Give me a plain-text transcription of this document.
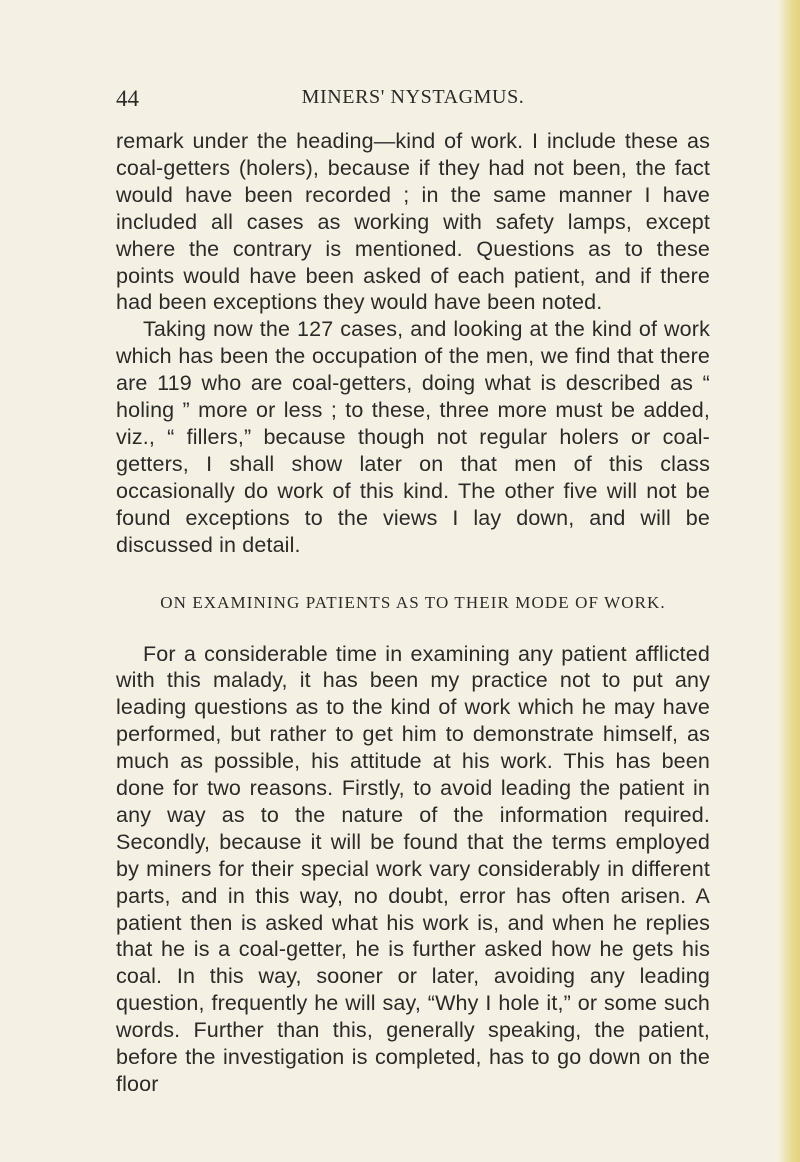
44	MINERS' NYSTAGMUS.

remark under the heading—kind of work. I include these as coal-getters (holers), because if they had not been, the fact would have been recorded ; in the same manner I have included all cases as working with safety lamps, except where the contrary is mentioned. Questions as to these points would have been asked of each patient, and if there had been exceptions they would have been noted.

Taking now the 127 cases, and looking at the kind of work which has been the occupation of the men, we find that there are 119 who are coal-getters, doing what is described as “ holing ” more or less ; to these, three more must be added, viz., “ fillers,” because though not regular holers or coal-getters, I shall show later on that men of this class occasionally do work of this kind. The other five will not be found exceptions to the views I lay down, and will be discussed in detail.

ON EXAMINING PATIENTS AS TO THEIR MODE OF WORK.

For a considerable time in examining any patient afflicted with this malady, it has been my practice not to put any leading questions as to the kind of work which he may have performed, but rather to get him to demonstrate himself, as much as possible, his attitude at his work. This has been done for two reasons. Firstly, to avoid leading the patient in any way as to the nature of the information required. Secondly, because it will be found that the terms employed by miners for their special work vary considerably in different parts, and in this way, no doubt, error has often arisen. A patient then is asked what his work is, and when he replies that he is a coal-getter, he is further asked how he gets his coal. In this way, sooner or later, avoiding any leading question, frequently he will say, “Why I hole it,” or some such words. Further than this, generally speaking, the patient, before the investigation is completed, has to go down on the floor
